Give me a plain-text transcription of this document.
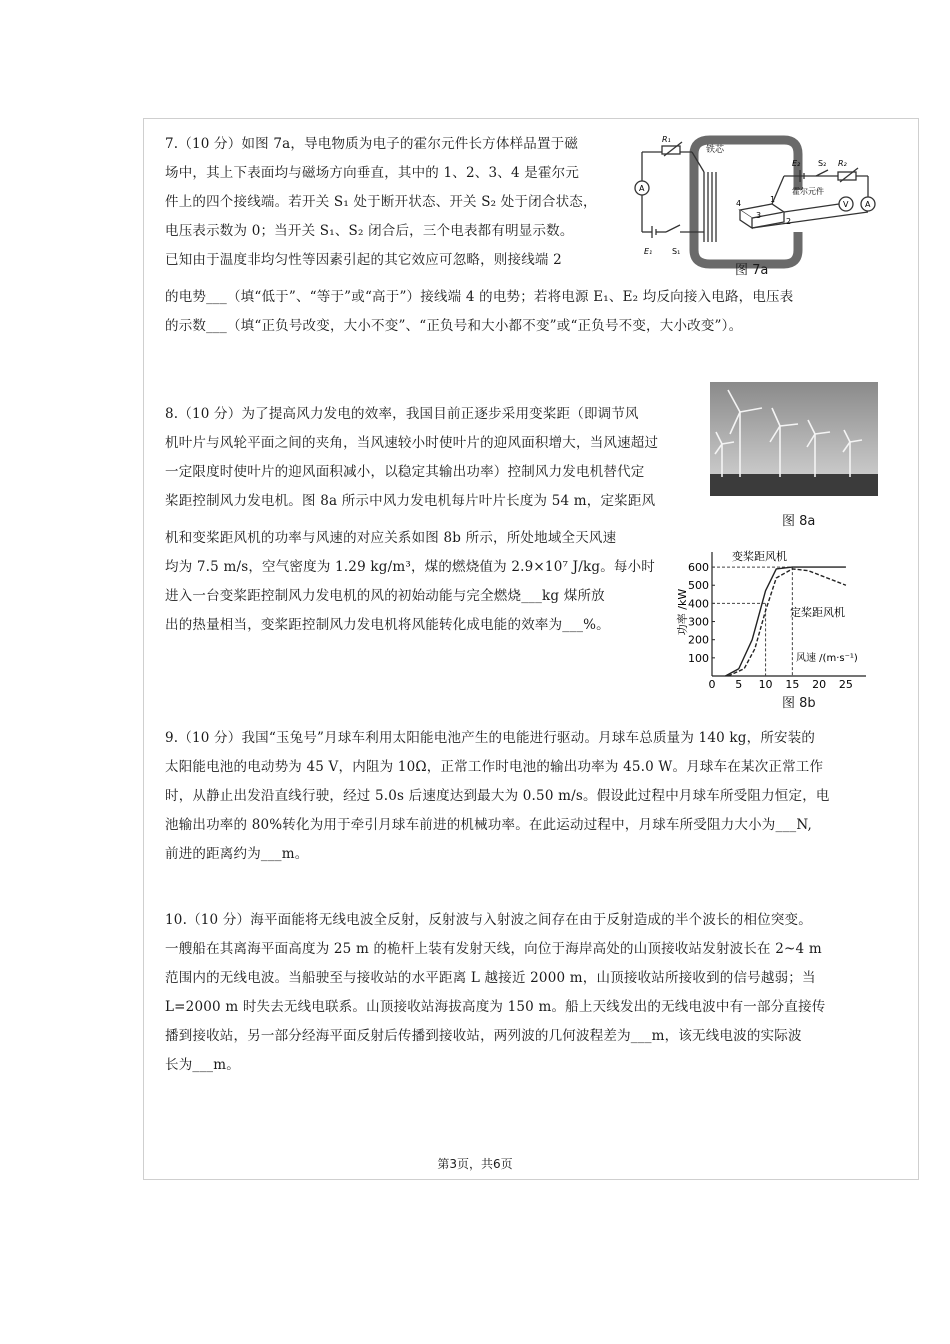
7.（10 分）如图 7a，导电物质为电子的霍尔元件长方体样品置于磁
场中，其上下表面均与磁场方向垂直，其中的 1、2、3、4 是霍尔元
件上的四个接线端。若开关 S₁ 处于断开状态、开关 S₂ 处于闭合状态，
电压表示数为 0；当开关 S₁、S₂ 闭合后，三个电表都有明显示数。
已知由于温度非均匀性等因素引起的其它效应可忽略，则接线端 2
的电势___（填“低于”、“等于”或“高于”）接线端 4 的电势；若将电源 E₁、E₂ 均反向接入电路，电压表
的示数___（填“正负号改变，大小不变”、“正负号和大小都不变”或“正负号不变，大小改变”）。
铁芯
霍尔元件
R₁
R₂
E₁ S₁
E₂ S₂
A
V A
1
2
3
4
图 7a
8.（10 分）为了提高风力发电的效率，我国目前正逐步采用变桨距（即调节风
机叶片与风轮平面之间的夹角，当风速较小时使叶片的迎风面积增大，当风速超过
一定限度时使叶片的迎风面积减小，以稳定其输出功率）控制风力发电机替代定
桨距控制风力发电机。图 8a 所示中风力发电机每片叶片长度为 54 m，定桨距风
机和变桨距风机的功率与风速的对应关系如图 8b 所示，所处地域全天风速
均为 7.5 m/s，空气密度为 1.29 kg/m³，煤的燃烧值为 2.9×10⁷ J/kg。每小时
进入一台变桨距控制风力发电机的风的初始动能与完全燃烧___kg 煤所放
出的热量相当，变桨距控制风力发电机将风能转化成电能的效率为___%。
图 8a
0 5 10 15 20 25
100
200
300
400
500
600
功率 /kW
风速 /(m·s⁻¹)
变桨距风机
定桨距风机
图 8b
9.（10 分）我国“玉兔号”月球车利用太阳能电池产生的电能进行驱动。月球车总质量为 140 kg，所安装的
太阳能电池的电动势为 45 V，内阻为 10Ω，正常工作时电池的输出功率为 45.0 W。月球车在某次正常工作
时，从静止出发沿直线行驶，经过 5.0s 后速度达到最大为 0.50 m/s。假设此过程中月球车所受阻力恒定，电
池输出功率的 80%转化为用于牵引月球车前进的机械功率。在此运动过程中，月球车所受阻力大小为___N,
前进的距离约为___m。
10.（10 分）海平面能将无线电波全反射，反射波与入射波之间存在由于反射造成的半个波长的相位突变。
一艘船在其离海平面高度为 25 m 的桅杆上装有发射天线，向位于海岸高处的山顶接收站发射波长在 2~4 m
范围内的无线电波。当船驶至与接收站的水平距离 L 越接近 2000 m，山顶接收站所接收到的信号越弱；当
L=2000 m 时失去无线电联系。山顶接收站海拔高度为 150 m。船上天线发出的无线电波中有一部分直接传
播到接收站，另一部分经海平面反射后传播到接收站，两列波的几何波程差为___m，该无线电波的实际波
长为___m。
第3页，共6页
